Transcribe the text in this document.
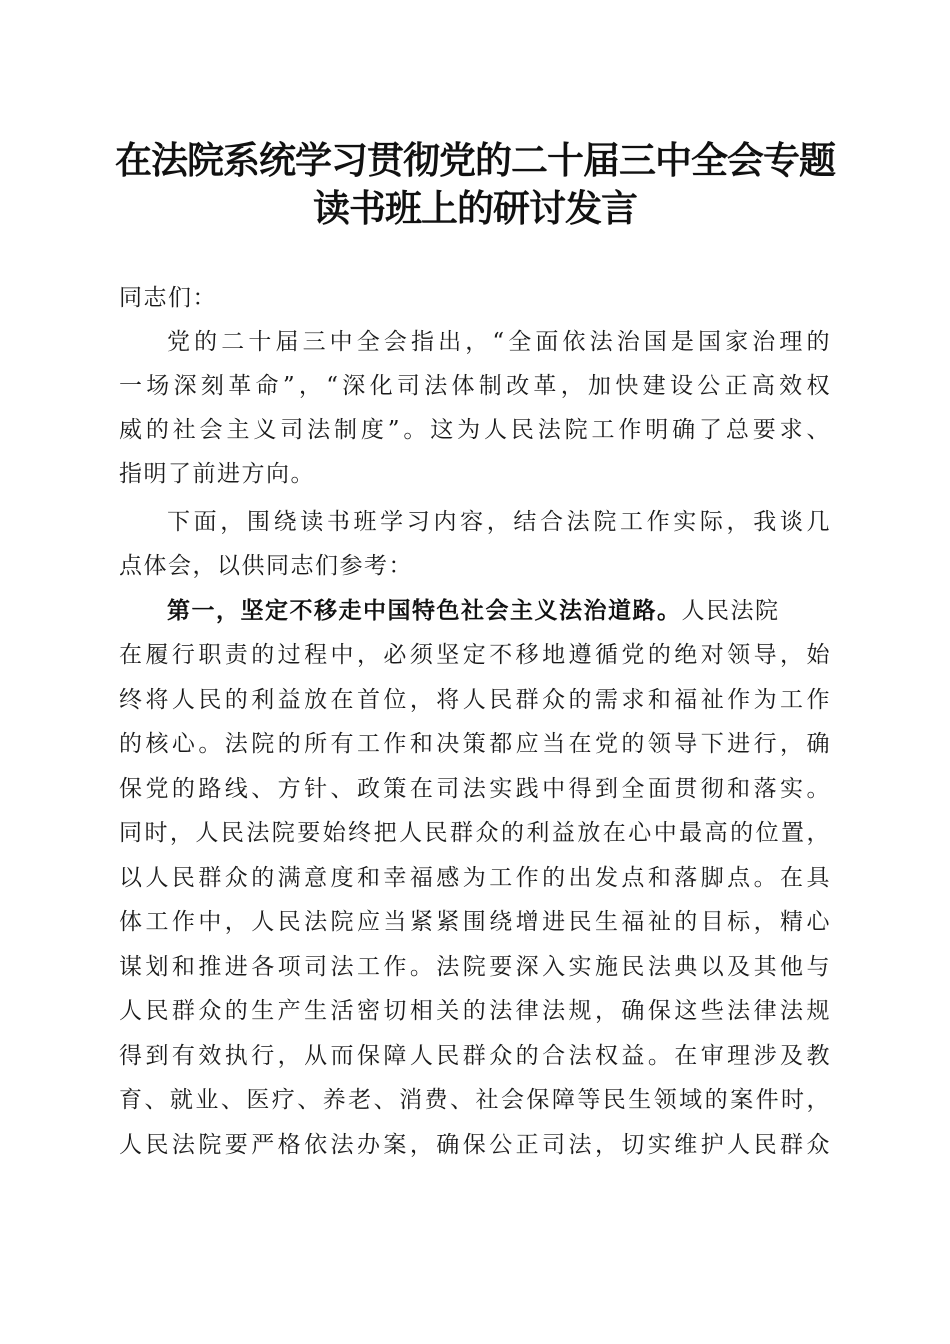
在法院系统学习贯彻党的二十届三中全会专题
读书班上的研讨发言
同志们：
党的二十届三中全会指出，“全面依法治国是国家治理的
一场深刻革命”，“深化司法体制改革，加快建设公正高效权
威的社会主义司法制度”。这为人民法院工作明确了总要求、
指明了前进方向。
下面，围绕读书班学习内容，结合法院工作实际，我谈几
点体会，以供同志们参考：
第一，坚定不移走中国特色社会主义法治道路。人民法院
在履行职责的过程中，必须坚定不移地遵循党的绝对领导，始
终将人民的利益放在首位，将人民群众的需求和福祉作为工作
的核心。法院的所有工作和决策都应当在党的领导下进行，确
保党的路线、方针、政策在司法实践中得到全面贯彻和落实。
同时，人民法院要始终把人民群众的利益放在心中最高的位置，
以人民群众的满意度和幸福感为工作的出发点和落脚点。在具
体工作中，人民法院应当紧紧围绕增进民生福祉的目标，精心
谋划和推进各项司法工作。法院要深入实施民法典以及其他与
人民群众的生产生活密切相关的法律法规，确保这些法律法规
得到有效执行，从而保障人民群众的合法权益。在审理涉及教
育、就业、医疗、养老、消费、社会保障等民生领域的案件时，
人民法院要严格依法办案，确保公正司法，切实维护人民群众
